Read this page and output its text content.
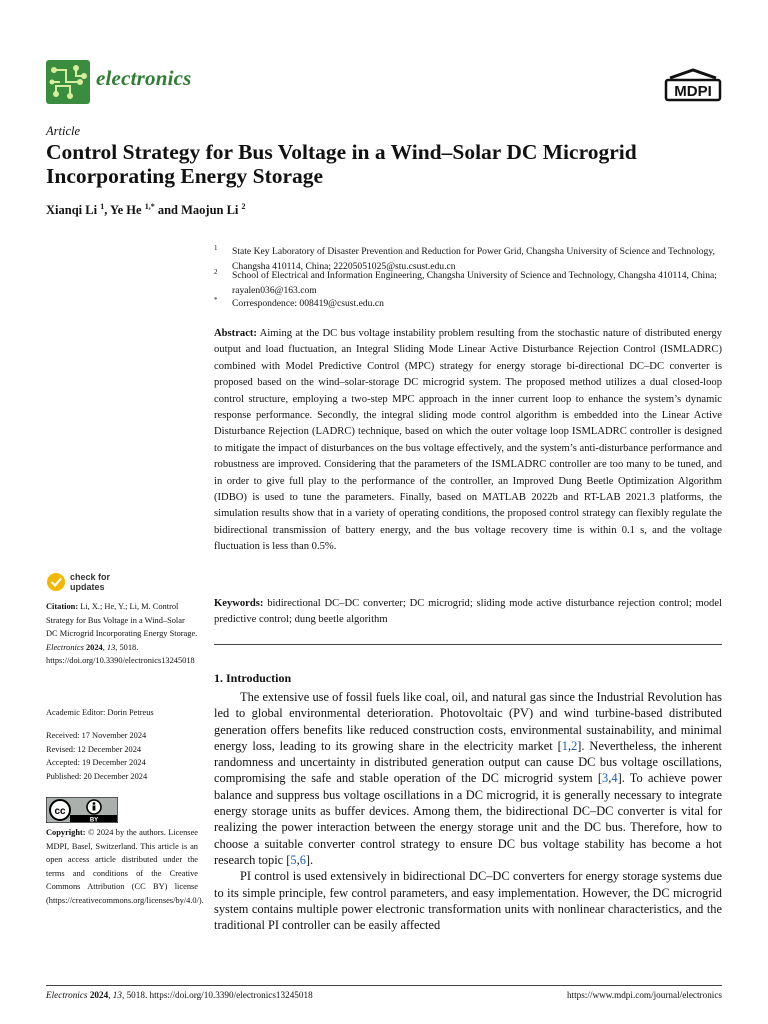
electronics
MDPI
Article
Control Strategy for Bus Voltage in a Wind–Solar DC Microgrid Incorporating Energy Storage
Xianqi Li $^1$, Ye He $^{1,*}$ and Maojun Li $^2$
1 State Key Laboratory of Disaster Prevention and Reduction for Power Grid, Changsha University of Science and Technology, Changsha 410114, China; 22205051025@stu.csust.edu.cn
2 School of Electrical and Information Engineering, Changsha University of Science and Technology, Changsha 410114, China; rayalen036@163.com
* Correspondence: 008419@csust.edu.cn
Abstract: Aiming at the DC bus voltage instability problem resulting from the stochastic nature of distributed energy output and load fluctuation, an Integral Sliding Mode Linear Active Disturbance Rejection Control (ISMLADRC) combined with Model Predictive Control (MPC) strategy for energy storage bi-directional DC–DC converter is proposed based on the wind–solar-storage DC microgrid system. The proposed method utilizes a dual closed-loop control structure, employing a two-step MPC approach in the inner current loop to enhance the system’s dynamic response performance. Secondly, the integral sliding mode control algorithm is embedded into the Linear Active Disturbance Rejection (LADRC) technique, based on which the outer voltage loop ISMLADRC controller is designed to mitigate the impact of disturbances on the bus voltage effectively, and the system’s anti-disturbance performance and robustness are improved. Considering that the parameters of the ISMLADRC controller are too many to be tuned, and in order to give full play to the performance of the controller, an Improved Dung Beetle Optimization Algorithm (IDBO) is used to tune the parameters. Finally, based on MATLAB 2022b and RT-LAB 2021.3 platforms, the simulation results show that in a variety of operating conditions, the proposed control strategy can flexibly regulate the bidirectional transmission of battery energy, and the bus voltage recovery time is within 0.1 s, and the voltage fluctuation is less than 0.5%.
Keywords: bidirectional DC–DC converter; DC microgrid; sliding mode active disturbance rejection control; model predictive control; dung beetle algorithm
1. Introduction

The extensive use of fossil fuels like coal, oil, and natural gas since the Industrial Revolution has led to global environmental deterioration. Photovoltaic (PV) and wind turbine-based distributed generation offers benefits like reduced construction costs, environmental sustainability, and minimal energy loss, leading to its growing share in the electricity market [1,2]. Nevertheless, the inherent randomness and uncertainty in distributed generation output can cause DC bus voltage oscillations, compromising the safe and stable operation of the DC microgrid system [3,4]. To achieve power balance and suppress bus voltage oscillations in a DC microgrid, it is generally necessary to integrate energy storage units as buffer devices. Among them, the bidirectional DC–DC converter is vital for realizing the power interaction between the energy storage unit and the DC bus. Therefore, how to choose a suitable converter control strategy to ensure DC bus voltage stability has become a hot research topic [5,6].

PI control is used extensively in bidirectional DC–DC converters for energy storage systems due to its simple principle, few control parameters, and easy implementation. However, the DC microgrid system contains multiple power electronic transformation units with nonlinear characteristics, and the traditional PI controller can be easily affected

check for
updates
Citation: Li, X.; He, Y.; Li, M. Control Strategy for Bus Voltage in a Wind–Solar DC Microgrid Incorporating Energy Storage. Electronics 2024, 13, 5018. https://doi.org/10.3390/electronics13245018
Academic Editor: Dorin Petreus
Received: 17 November 2024
Revised: 12 December 2024
Accepted: 19 December 2024
Published: 20 December 2024
cc
BY
Copyright: © 2024 by the authors. Licensee MDPI, Basel, Switzerland. This article is an open access article distributed under the terms and conditions of the Creative Commons Attribution (CC BY) license (https://creativecommons.org/licenses/by/4.0/).
Electronics 2024, 13, 5018. https://doi.org/10.3390/electronics13245018	https://www.mdpi.com/journal/electronics
